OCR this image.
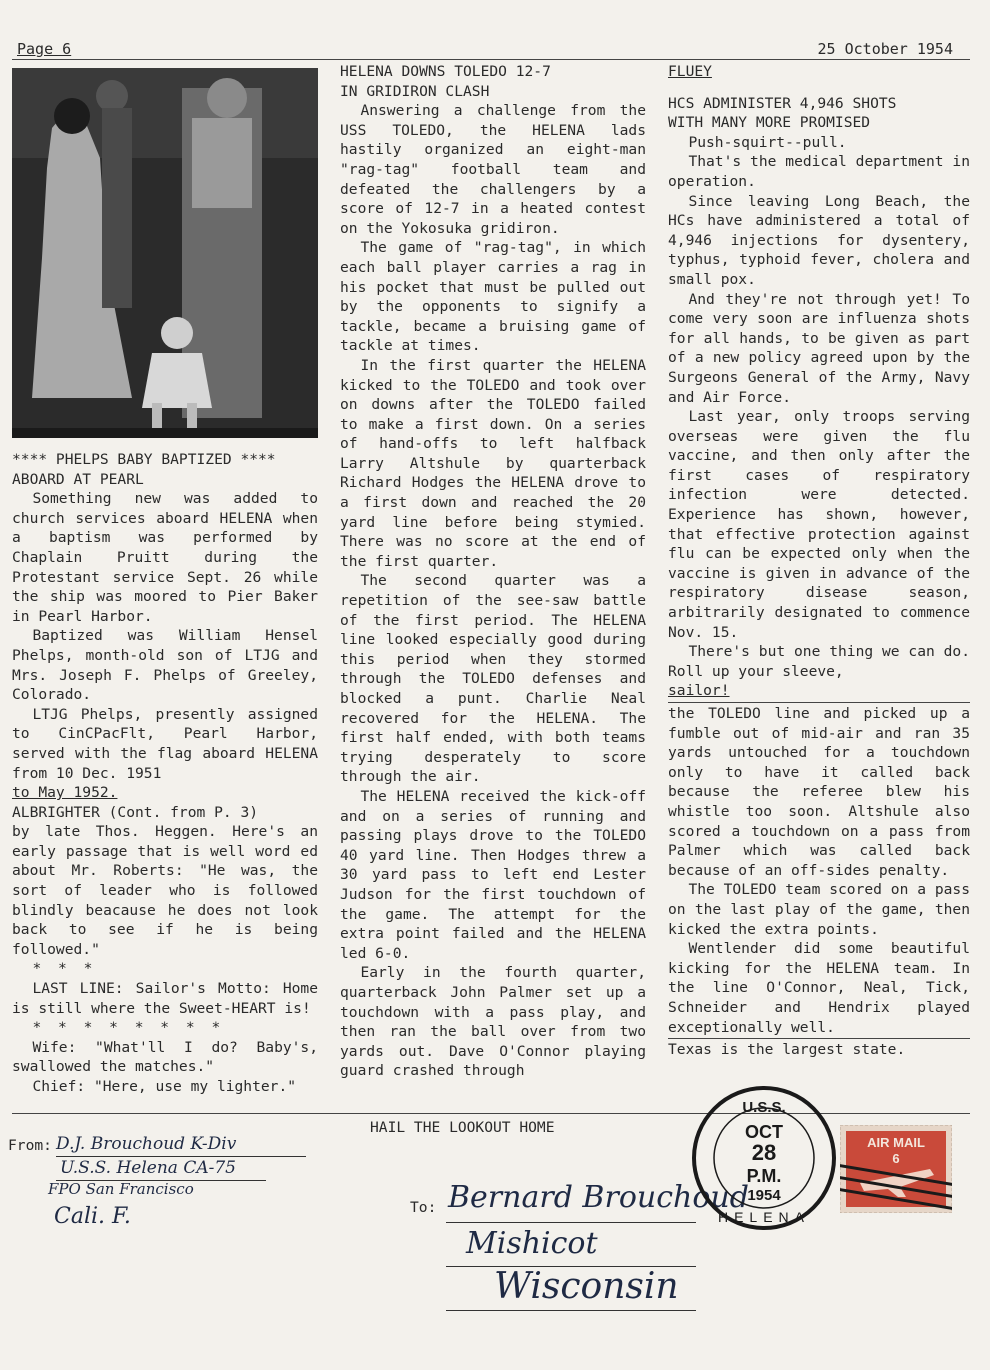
Page 6	25 October 1954

**** PHELPS BABY BAPTIZED ****

ABOARD AT PEARL

Something new was added to church services aboard HELENA when a baptism was performed by Chaplain Pruitt during the Protestant service Sept. 26 while the ship was moored to Pier Baker in Pearl Harbor.

Baptized was William Hensel Phelps, month-old son of LTJG and Mrs. Joseph F. Phelps of Greeley, Colorado.

LTJG Phelps, presently assigned to CinCPacFlt, Pearl Harbor, served with the flag aboard HELENA from 10 Dec. 1951

to May 1952.

ALBRIGHTER (Cont. from P. 3)

by late Thos. Heggen. Here's an early passage that is well word ed about Mr. Roberts: "He was, the sort of leader who is followed blindly beacause he does not look back to see if he is being followed."

* * *

LAST LINE: Sailor's Motto: Home is still where the Sweet-HEART is!

* * * * * * * *

Wife: "What'll I do? Baby's, swallowed the matches."

Chief: "Here, use my lighter."

HELENA DOWNS TOLEDO 12-7

IN GRIDIRON CLASH

Answering a challenge from the USS TOLEDO, the HELENA lads hastily organized an eight-man "rag-tag" football team and defeated the challengers by a score of 12-7 in a heated contest on the Yokosuka gridiron.

The game of "rag-tag", in which each ball player carries a rag in his pocket that must be pulled out by the opponents to signify a tackle, became a bruising game of tackle at times.

In the first quarter the HELENA kicked to the TOLEDO and took over on downs after the TOLEDO failed to make a first down. On a series of hand-offs to left halfback Larry Altshule by quarterback Richard Hodges the HELENA drove to a first down and reached the 20 yard line before being stymied. There was no score at the end of the first quarter.

The second quarter was a repetition of the see-saw battle of the first period. The HELENA line looked especially good during this period when they stormed through the TOLEDO defenses and blocked a punt. Charlie Neal recovered for the HELENA. The first half ended, with both teams trying desperately to score through the air.

The HELENA received the kick-off and on a series of running and passing plays drove to the TOLEDO 40 yard line. Then Hodges threw a 30 yard pass to left end Lester Judson for the first touchdown of the game. The attempt for the extra point failed and the HELENA led 6-0.

Early in the fourth quarter, quarterback John Palmer set up a touchdown with a pass play, and then ran the ball over from two yards out. Dave O'Connor playing guard crashed through

FLUEY

HCS ADMINISTER 4,946 SHOTS

WITH MANY MORE PROMISED

Push-squirt--pull.

That's the medical department in operation.

Since leaving Long Beach, the HCs have administered a total of 4,946 injections for dysentery, typhus, typhoid fever, cholera and small pox.

And they're not through yet! To come very soon are influenza shots for all hands, to be given as part of a new policy agreed upon by the Surgeons General of the Army, Navy and Air Force.

Last year, only troops serving overseas were given the flu vaccine, and then only after the first cases of respiratory infection were detected. Experience has shown, however, that effective protection against flu can be expected only when the vaccine is given in advance of the respiratory disease season, arbitrarily designated to commence Nov. 15.

There's but one thing we can do. Roll up your sleeve,

sailor!

the TOLEDO line and picked up a fumble out of mid-air and ran 35 yards untouched for a touchdown only to have it called back because the referee blew his whistle too soon. Altshule also scored a touchdown on a pass from Palmer which was called back because of an off-sides penalty.

The TOLEDO team scored on a pass on the last play of the game, then kicked the extra points.

Wentlender did some beautiful kicking for the HELENA team. In the line O'Connor, Neal, Tick, Schneider and Hendrix played exceptionally well.

Texas is the largest state.

HAIL THE LOOKOUT HOME
From: D.J. Brouchoud K-Div
U.S.S. Helena CA-75
FPO San Francisco
Cali. F.	To: Bernard Brouchoud
Mishicot
Wisconsin
U.S.S.
OCT
28
P.M.
1954
HELENA
AIR MAIL
6
